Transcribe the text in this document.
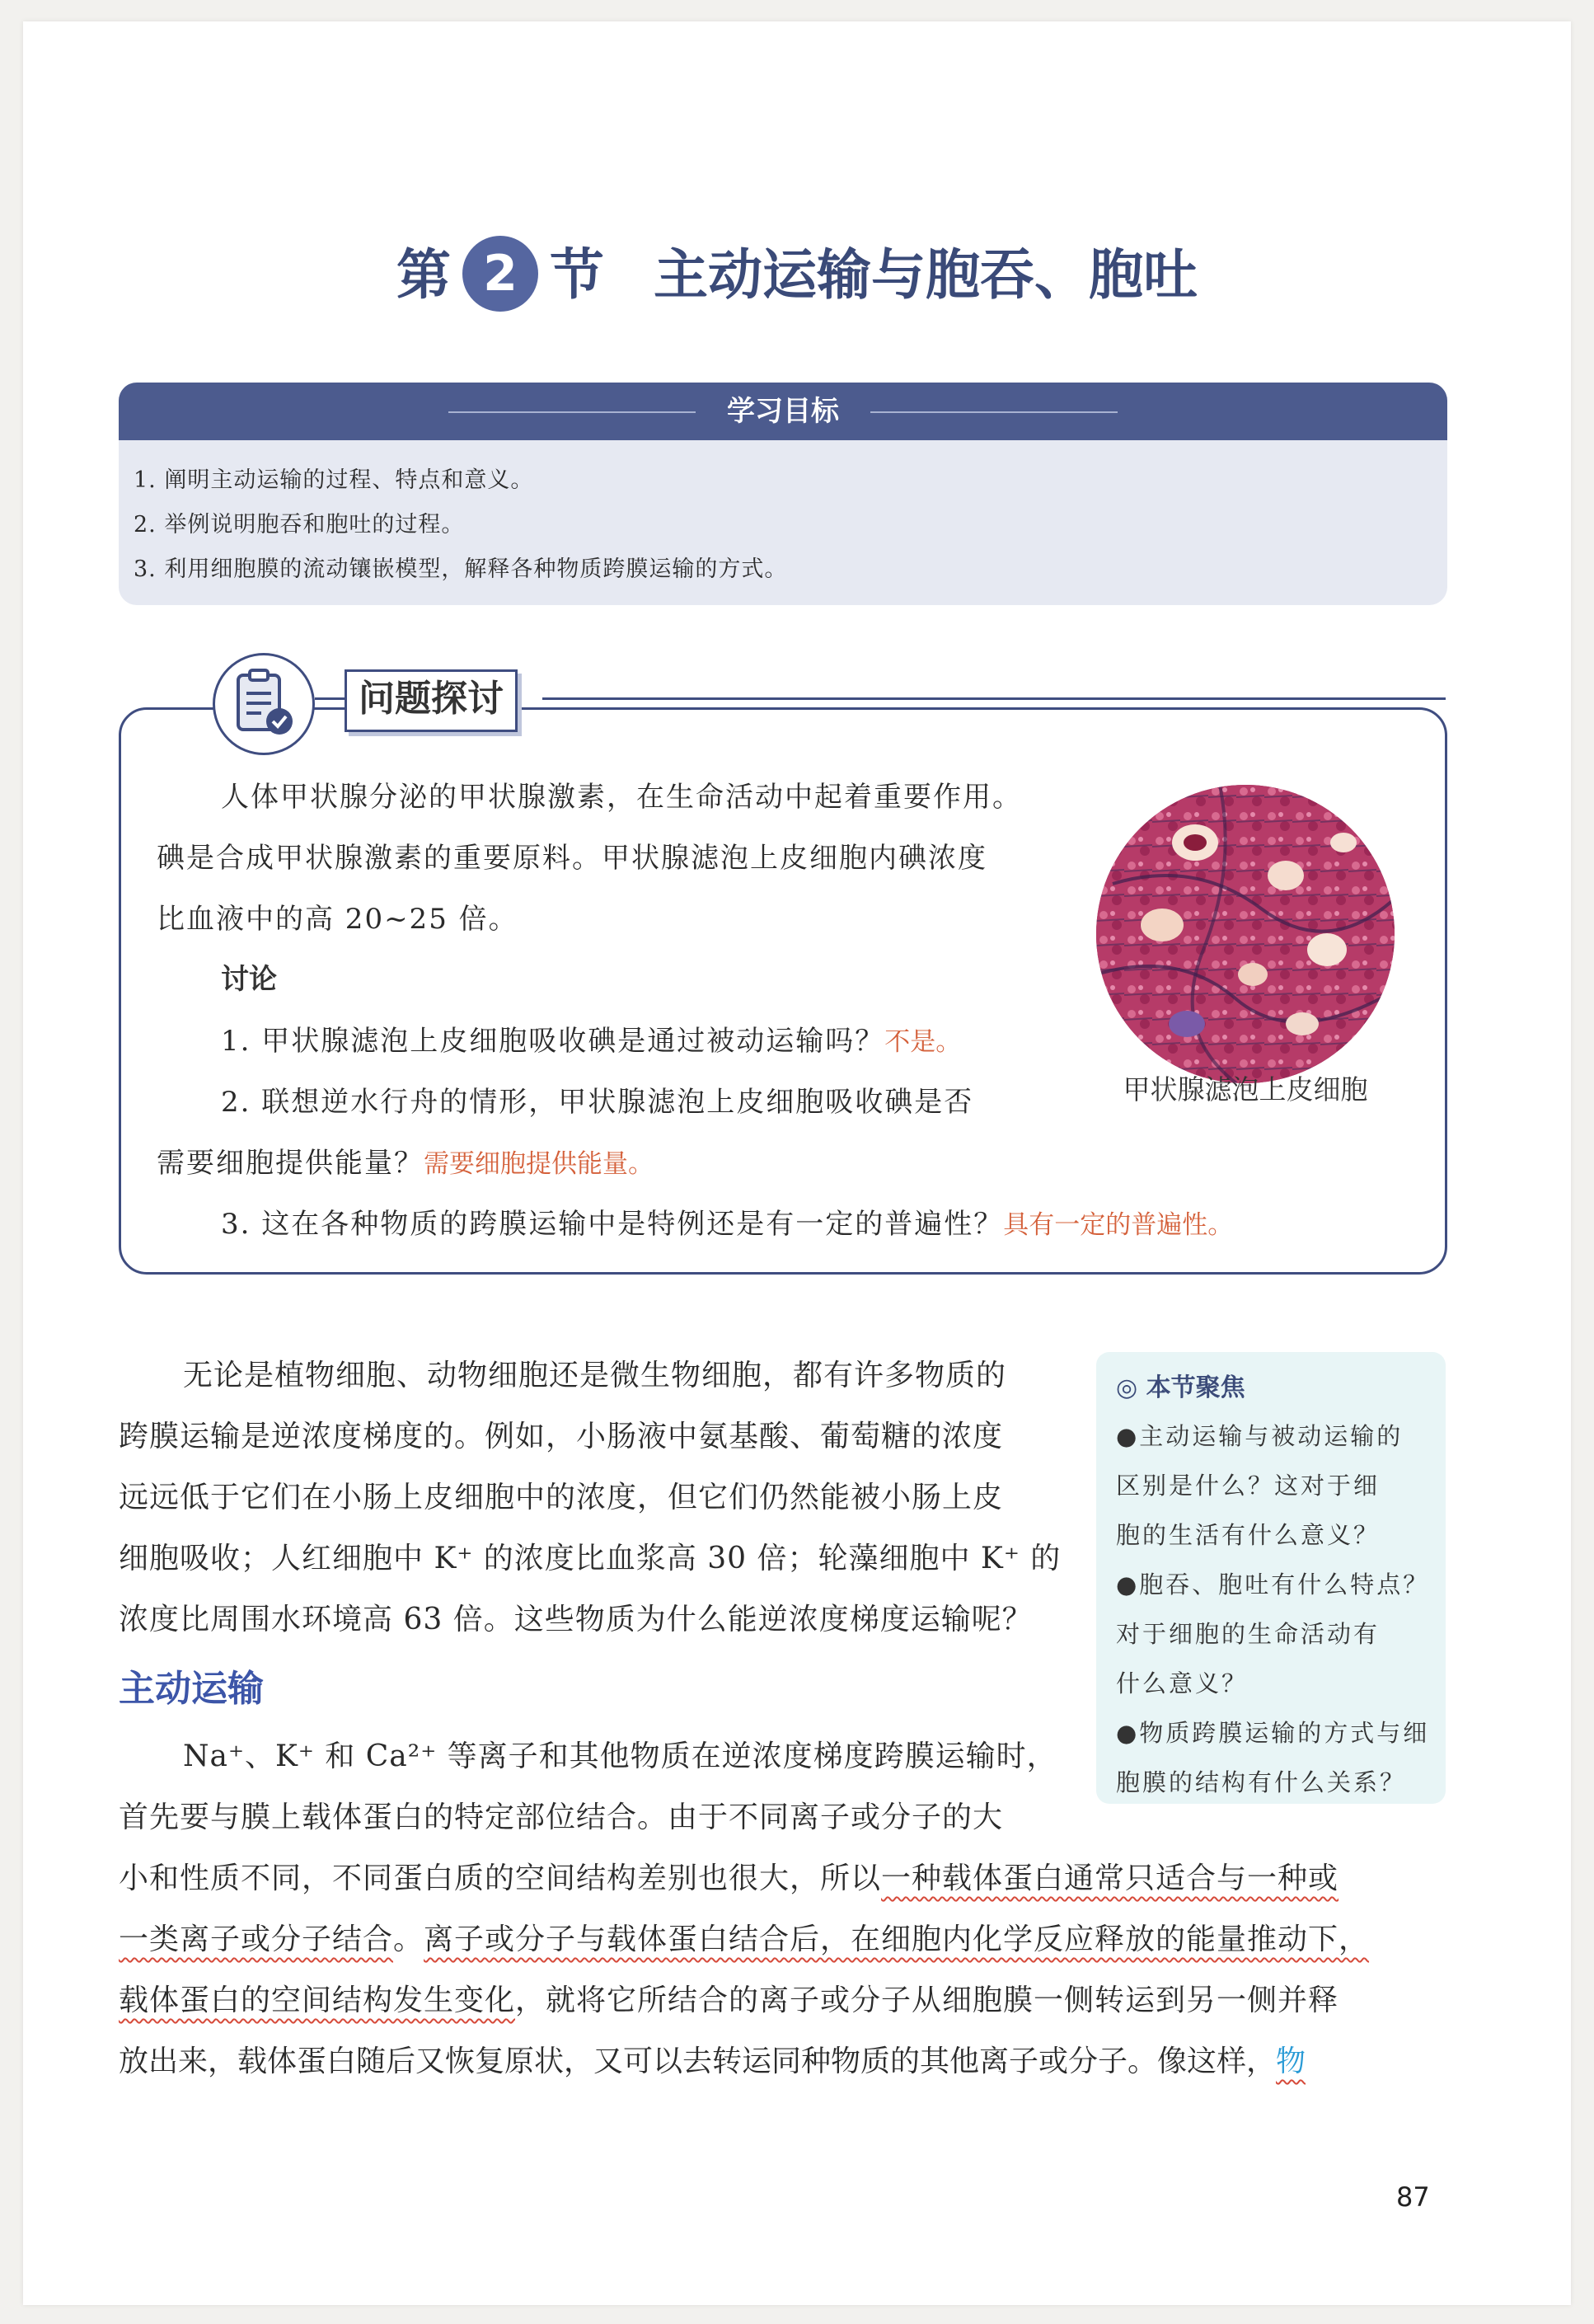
第 2 节 主动运输与胞吞、胞吐
学习目标
1. 阐明主动运输的过程、特点和意义。
2. 举例说明胞吞和胞吐的过程。
3. 利用细胞膜的流动镶嵌模型，解释各种物质跨膜运输的方式。
问题探讨
人体甲状腺分泌的甲状腺激素，在生命活动中起着重要作用。
碘是合成甲状腺激素的重要原料。甲状腺滤泡上皮细胞内碘浓度
比血液中的高 20~25 倍。
讨论
1. 甲状腺滤泡上皮细胞吸收碘是通过被动运输吗？不是。
2. 联想逆水行舟的情形，甲状腺滤泡上皮细胞吸收碘是否
需要细胞提供能量？需要细胞提供能量。
3. 这在各种物质的跨膜运输中是特例还是有一定的普遍性？具有一定的普遍性。
甲状腺滤泡上皮细胞
无论是植物细胞、动物细胞还是微生物细胞，都有许多物质的
跨膜运输是逆浓度梯度的。例如，小肠液中氨基酸、葡萄糖的浓度
远远低于它们在小肠上皮细胞中的浓度，但它们仍然能被小肠上皮
细胞吸收；人红细胞中 K⁺ 的浓度比血浆高 30 倍；轮藻细胞中 K⁺ 的
浓度比周围水环境高 63 倍。这些物质为什么能逆浓度梯度运输呢？
主动运输
Na⁺、K⁺ 和 Ca²⁺ 等离子和其他物质在逆浓度梯度跨膜运输时，
首先要与膜上载体蛋白的特定部位结合。由于不同离子或分子的大
小和性质不同，不同蛋白质的空间结构差别也很大，所以一种载体蛋白通常只适合与一种或
一类离子或分子结合。离子或分子与载体蛋白结合后，在细胞内化学反应释放的能量推动下，
载体蛋白的空间结构发生变化，就将它所结合的离子或分子从细胞膜一侧转运到另一侧并释
放出来，载体蛋白随后又恢复原状，又可以去转运同种物质的其他离子或分子。像这样，物
◎ 本节聚焦
●主动运输与被动运输的
区别是什么？这对于细
胞的生活有什么意义？
●胞吞、胞吐有什么特点？
对于细胞的生命活动有
什么意义？
●物质跨膜运输的方式与细
胞膜的结构有什么关系？
87
